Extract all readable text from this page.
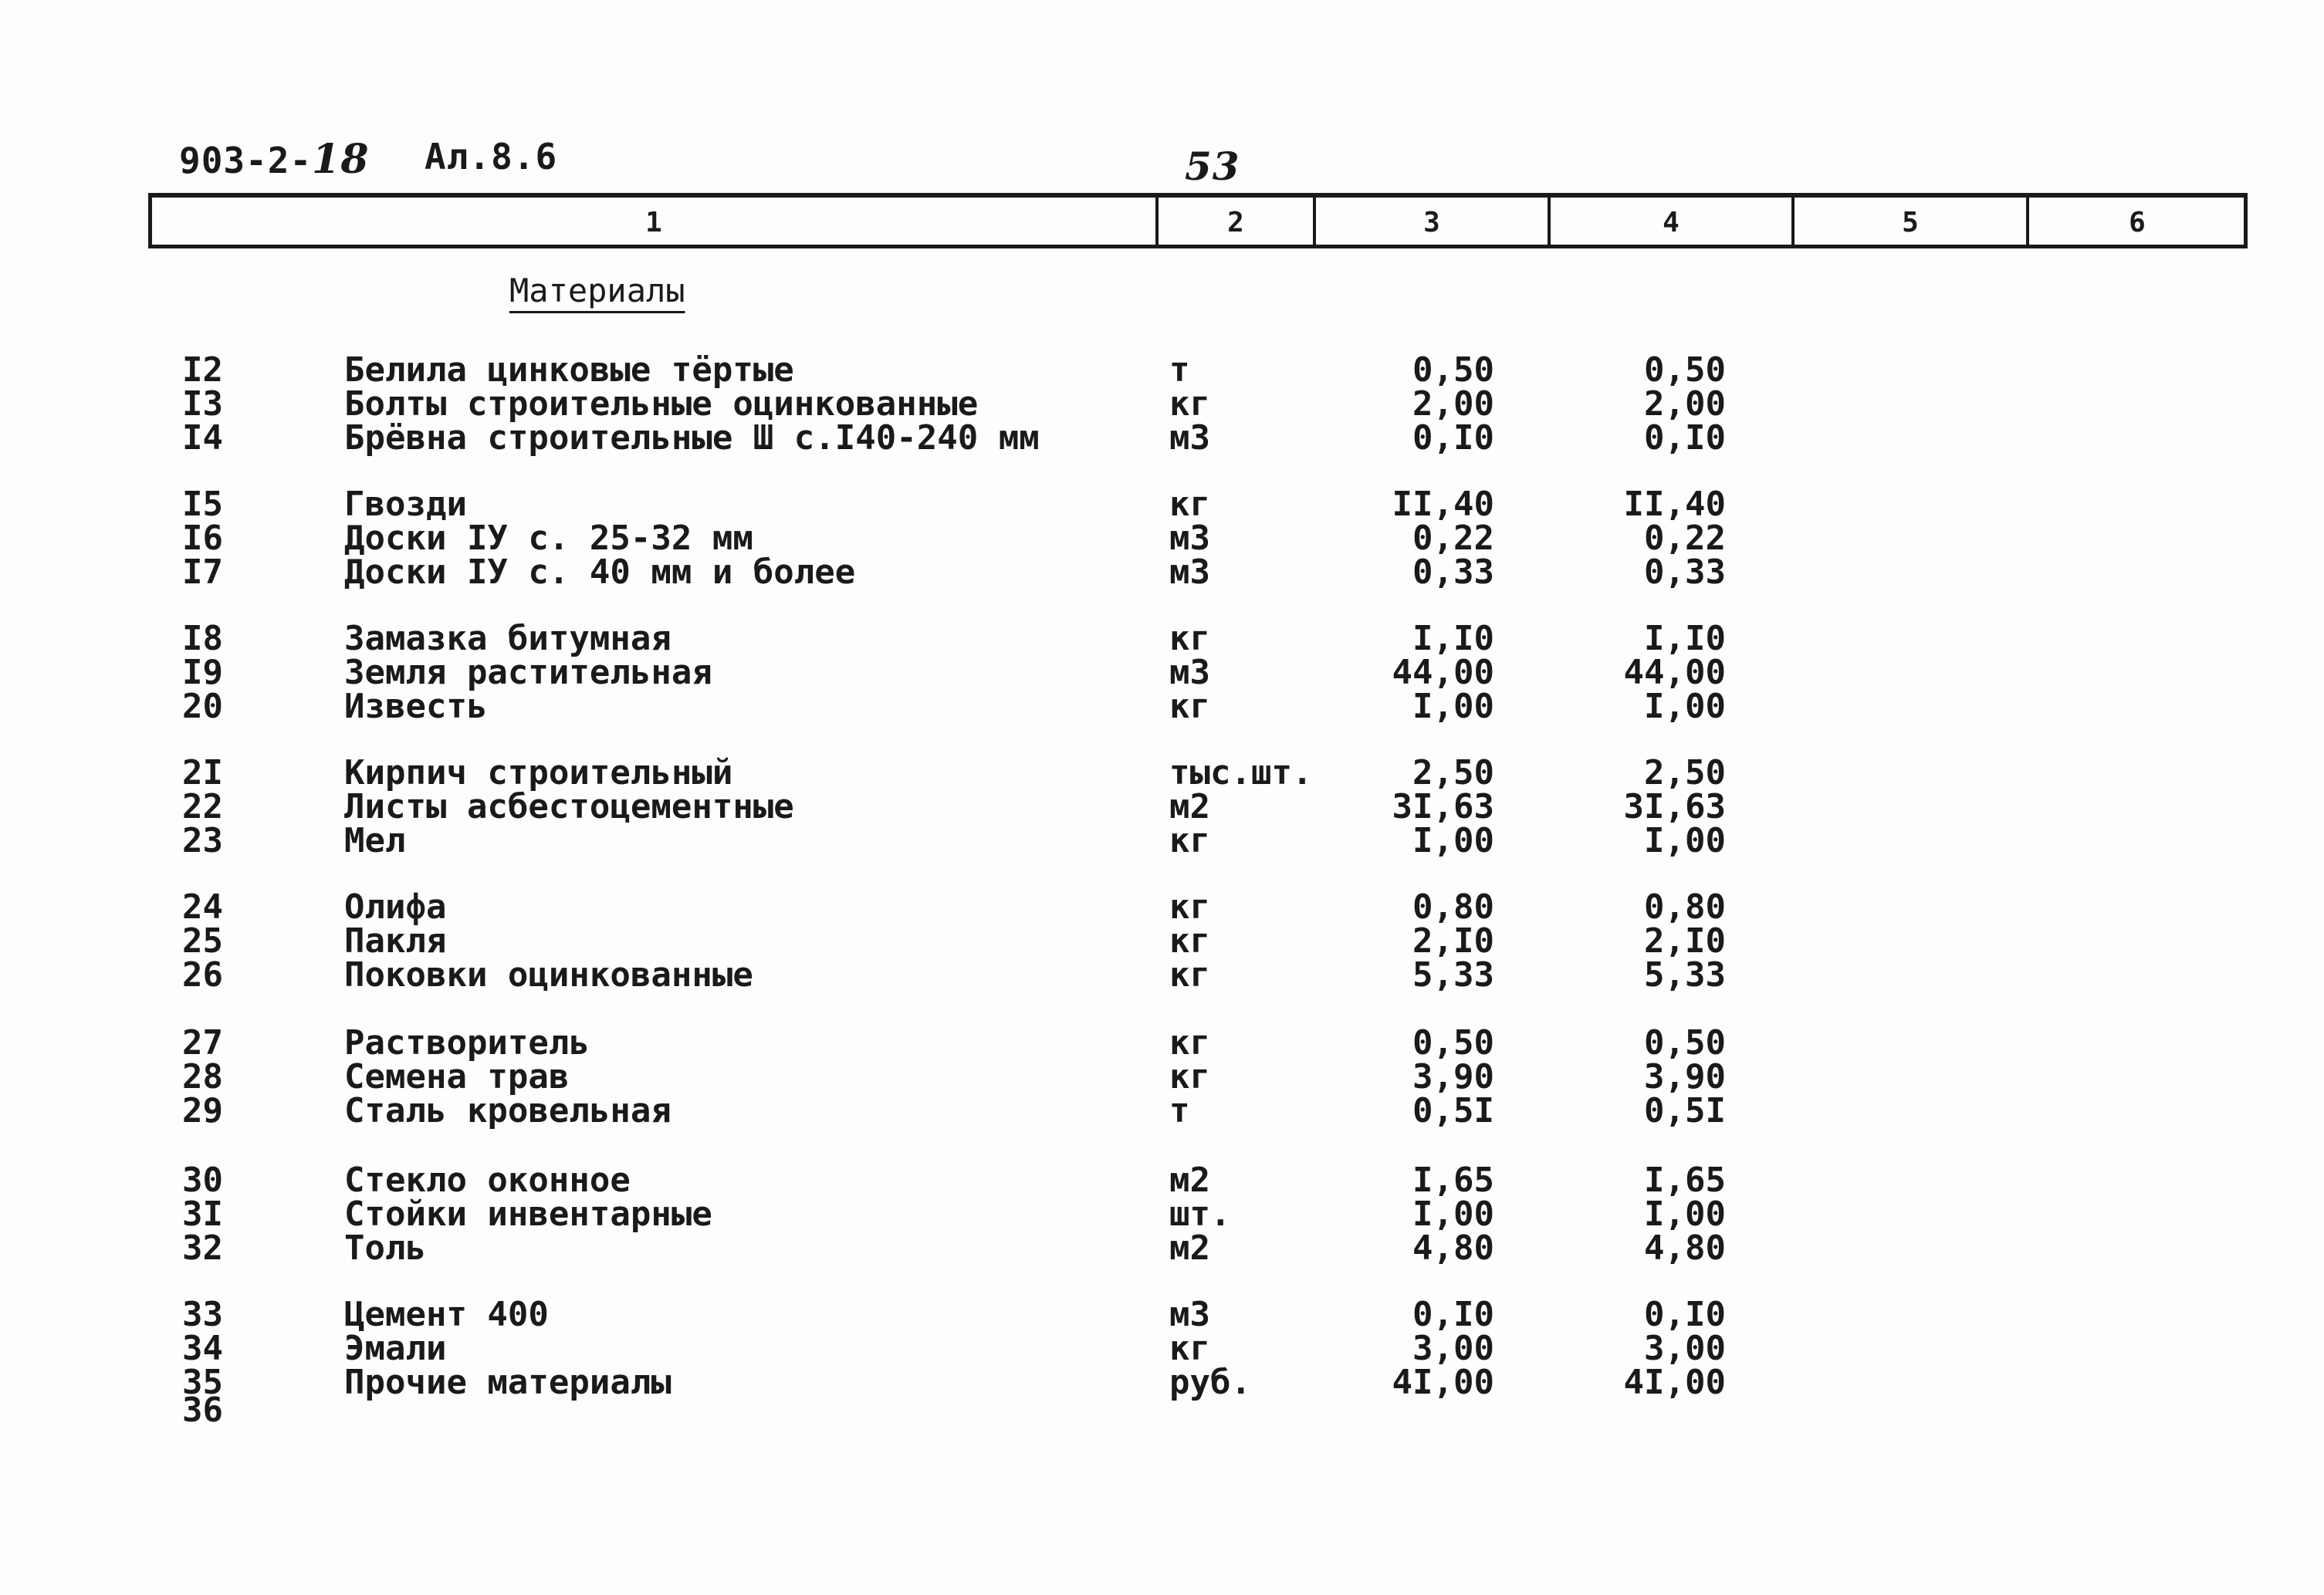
903-2-18 Ал.8.6	53
1	2	3	4	5	6
Материалы
I2	Белила цинковые тёртые	т	0,50	0,50
I3	Болты строительные оцинкованные	кг	2,00	2,00
I4	Брёвна строительные Ш с.I40-240 мм	м3	0,I0	0,I0
I5	Гвозди	кг	II,40	II,40
I6	Доски IУ с. 25-32 мм	м3	0,22	0,22
I7	Доски IУ с. 40 мм и более	м3	0,33	0,33
I8	Замазка битумная	кг	I,I0	I,I0
I9	Земля растительная	м3	44,00	44,00
20	Известь	кг	I,00	I,00
2I	Кирпич строительный	тыс.шт.	2,50	2,50
22	Листы асбестоцементные	м2	3I,63	3I,63
23	Мел	кг	I,00	I,00
24	Олифа	кг	0,80	0,80
25	Пакля	кг	2,I0	2,I0
26	Поковки оцинкованные	кг	5,33	5,33
27	Растворитель	кг	0,50	0,50
28	Семена трав	кг	3,90	3,90
29	Сталь кровельная	т	0,5I	0,5I
30	Стекло оконное	м2	I,65	I,65
3I	Стойки инвентарные	шт.	I,00	I,00
32	Толь	м2	4,80	4,80
33	Цемент 400	м3	0,I0	0,I0
34	Эмали	кг	3,00	3,00
35	Прочие материалы	руб.	4I,00	4I,00
36
